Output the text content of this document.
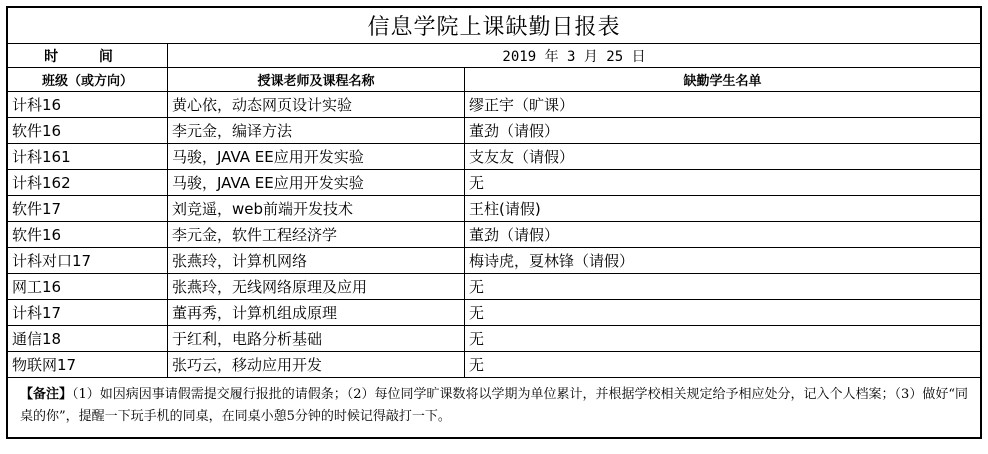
信息学院上课缺勤日报表		
时 间	2019 年 3 月 25 日	
班级（或方向）	授课老师及课程名称	缺勤学生名单
计科16	黄心依，动态网页设计实验	缪正宇（旷课）
软件16	李元金，编译方法	董劲（请假）
计科161	马骏，JAVA EE应用开发实验	支友友（请假）
计科162	马骏，JAVA EE应用开发实验	无
软件17	刘竞遥，web前端开发技术	王柱(请假)
软件16	李元金，软件工程经济学	董劲（请假）
计科对口17	张燕玲，计算机网络	梅诗虎，夏林锋（请假）
网工16	张燕玲，无线网络原理及应用	无
计科17	董再秀，计算机组成原理	无
通信18	于红利，电路分析基础	无
物联网17	张巧云，移动应用开发	无
【备注】（1）如因病因事请假需提交履行报批的请假条；（2）每位同学旷课数将以学期为单位累计，并根据学校相关规定给予相应处分，记入个人档案；（3）做好“同桌的你”，提醒一下玩手机的同桌，在同桌小憩5分钟的时候记得敲打一下。		
